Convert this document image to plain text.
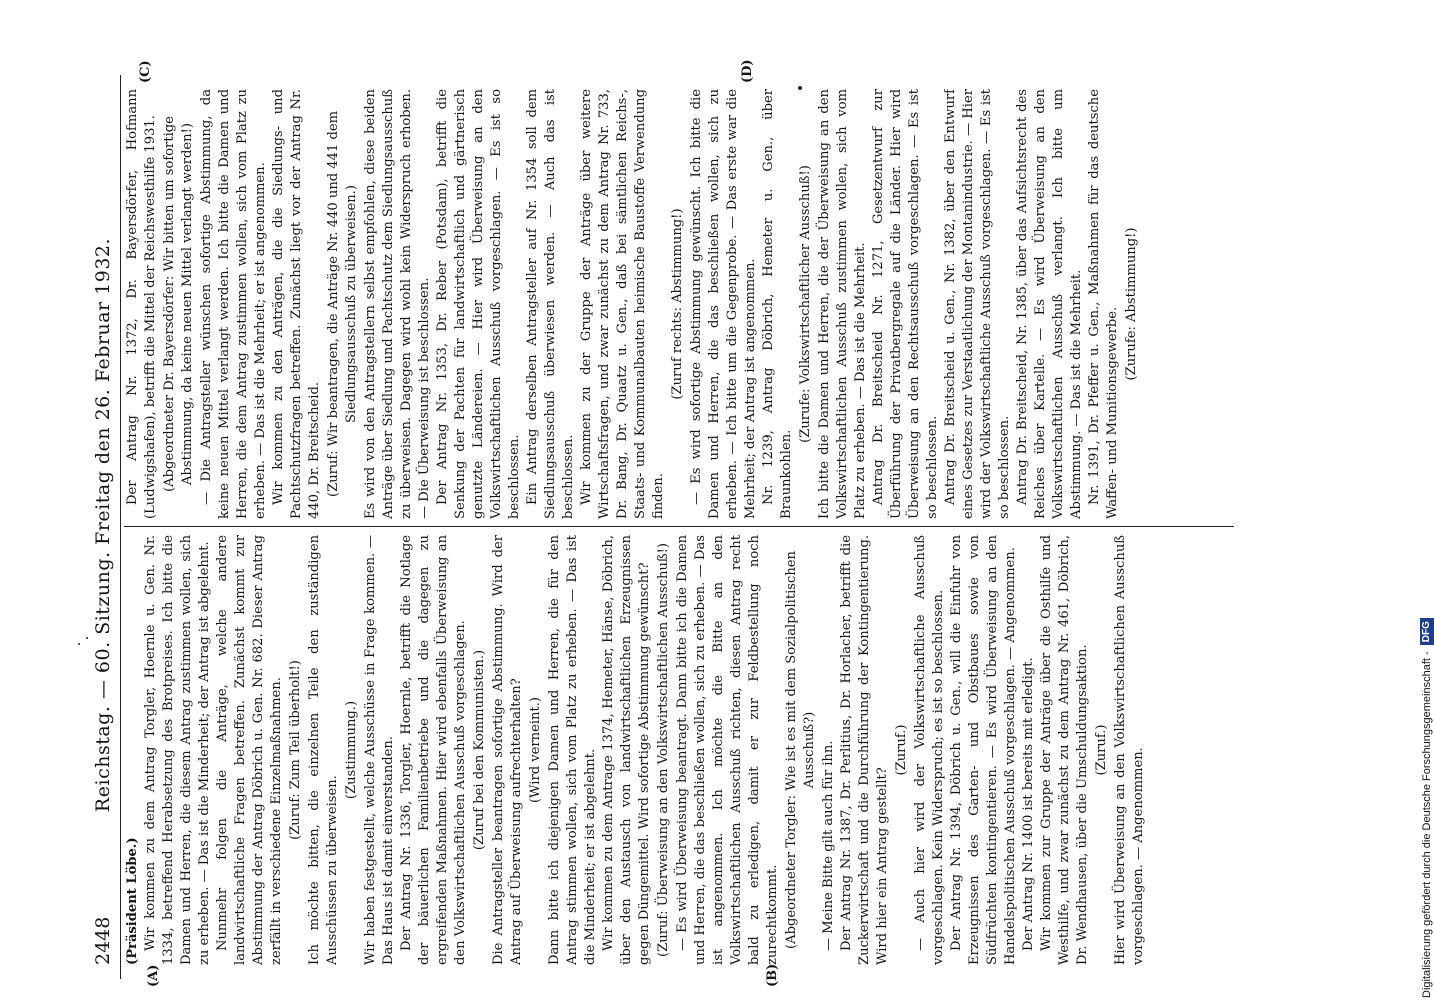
2448
Reichstag. — 60. Sitzung. Freitag den 26. Februar 1932.
(A)	(B)
(C)	(D)

(Präsident Löbe.) Wir kommen zu dem Antrag Torgler, Hoernle u. Gen. Nr. 1334, betreffend Herabsetzung des Brotpreises. Ich bitte die Damen und Herren, die diesem Antrag zustimmen wollen, sich zu erheben. — Das ist die Minderheit; der Antrag ist abgelehnt. Nunmehr folgen die Anträge, welche andere landwirtschaftliche Fragen betreffen. Zunächst kommt zur Abstimmung der Antrag Döbrich u. Gen. Nr. 682. Dieser Antrag zerfällt in verschiedene Einzelmaßnahmen. (Zuruf: Zum Teil überholt!) Ich möchte bitten, die einzelnen Teile den zuständigen Ausschüssen zu überweisen.

(Zustimmung.) Wir haben festgestellt, welche Ausschüsse in Frage kommen. — Das Haus ist damit einverstanden. Der Antrag Nr. 1336, Torgler, Hoernle, betrifft die Notlage der bäuerlichen Familienbetriebe und die dagegen zu ergreifenden Maßnahmen. Hier wird ebenfalls Überweisung an den Volkswirtschaftlichen Ausschuß vorgeschlagen. (Zuruf bei den Kommunisten.) Die Antragsteller beantragen sofortige Abstimmung. Wird der Antrag auf Überweisung aufrechterhalten? (Wird verneint.) Dann bitte ich diejenigen Damen und Herren, die für den Antrag stimmen wollen, sich vom Platz zu erheben. — Das ist die Minderheit; er ist abgelehnt. Wir kommen zu dem Antrage 1374, Hemeter, Hänse, Döbrich, über den Austausch von landwirtschaftlichen Erzeugnissen gegen Düngemittel. Wird sofortige Abstimmung gewünscht? (Zuruf: Überweisung an den Volkswirtschaftlichen Ausschuß!) — Es wird Überweisung beantragt. Dann bitte ich die Damen und Herren, die das beschließen wollen, sich zu erheben. — Das ist angenommen. Ich möchte die Bitte an den Volkswirtschaftlichen Ausschuß richten, diesen Antrag recht bald zu erledigen, damit er zur Feldbestellung noch zurechtkommt. (Abgeordneter Torgler: Wie ist es mit dem Sozialpolitischen Ausschuß?) — Meine Bitte gilt auch für ihn. Der Antrag Nr. 1387, Dr. Perlitius, Dr. Horlacher, betrifft die Zuckerwirtschaft und die Durchführung der Kontingentierung. Wird hier ein Antrag gestellt?

(Zuruf.) — Auch hier wird der Volkswirtschaftliche Ausschuß vorgeschlagen. Kein Widerspruch; es ist so beschlossen. Der Antrag Nr. 1394, Döbrich u. Gen., will die Einfuhr von Erzeugnissen des Garten- und Obstbaues sowie von Südfrüchten kontingentieren. — Es wird Überweisung an den Handelspolitischen Ausschuß vorgeschlagen. — Angenommen. Der Antrag Nr. 1400 ist bereits mit erledigt. Wir kommen zur Gruppe der Anträge über die Osthilfe und Westhilfe, und zwar zunächst zu dem Antrag Nr. 461, Döbrich, Dr. Wendhausen, über die Umschuldungsaktion. (Zuruf.) Hier wird Überweisung an den Volkswirtschaftlichen Ausschuß vorgeschlagen. — Angenommen.

Der Antrag Nr. 1372, Dr. Bayersdörfer, Hofmann (Ludwigshafen), betrifft die Mittel der Reichswesthilfe 1931. (Abgeordneter Dr. Bayersdörfer: Wir bitten um sofortige Abstimmung, da keine neuen Mittel verlangt werden!) — Die Antragsteller wünschen sofortige Abstimmung, da keine neuen Mittel verlangt werden. Ich bitte die Damen und Herren, die dem Antrag zustimmen wollen, sich vom Platz zu erheben. — Das ist die Mehrheit; er ist angenommen. Wir kommen zu den Anträgen, die die Siedlungs- und Pachtschutzfragen betreffen. Zunächst liegt vor der Antrag Nr. 440, Dr. Breitscheid. (Zuruf: Wir beantragen, die Anträge Nr. 440 und 441 dem Siedlungsausschuß zu überweisen.) Es wird von den Antragstellern selbst empfohlen, diese beiden Anträge über Siedlung und Pachtschutz dem Siedlungsausschuß zu überweisen. Dagegen wird wohl kein Widerspruch erhoben. — Die Überweisung ist beschlossen. Der Antrag Nr. 1353, Dr. Reber (Potsdam), betrifft die Senkung der Pachten für landwirtschaftlich und gärtnerisch genutzte Ländereien. — Hier wird Überweisung an den Volkswirtschaftlichen Ausschuß vorgeschlagen. — Es ist so beschlossen. Ein Antrag derselben Antragsteller auf Nr. 1354 soll dem Siedlungsausschuß überwiesen werden. — Auch das ist beschlossen. Wir kommen zu der Gruppe der Anträge über weitere Wirtschaftsfragen, und zwar zunächst zu dem Antrag Nr. 733, Dr. Bang, Dr. Quaatz u. Gen., daß bei sämtlichen Reichs-, Staats- und Kommunalbauten heimische Baustoffe Verwendung finden.

(Zuruf rechts: Abstimmung!) — Es wird sofortige Abstimmung gewünscht. Ich bitte die Damen und Herren, die das beschließen wollen, sich zu erheben. — Ich bitte um die Gegenprobe. — Das erste war die Mehrheit; der Antrag ist angenommen. Nr. 1239, Antrag Döbrich, Hemeter u. Gen., über Braunkohlen.

(Zurufe: Volkswirtschaftlicher Ausschuß!) Ich bitte die Damen und Herren, die der Überweisung an den Volkswirtschaftlichen Ausschuß zustimmen wollen, sich vom Platz zu erheben. — Das ist die Mehrheit. Antrag Dr. Breitscheid Nr. 1271, Gesetzentwurf zur Überführung der Privatbergregale auf die Länder. Hier wird Überweisung an den Rechtsausschuß vorgeschlagen. — Es ist so beschlossen. Antrag Dr. Breitscheid u. Gen., Nr. 1382, über den Entwurf eines Gesetzes zur Verstaatlichung der Montanindustrie. — Hier wird der Volkswirtschaftliche Ausschuß vorgeschlagen. — Es ist so beschlossen. Antrag Dr. Breitscheid, Nr. 1385, über das Aufsichtsrecht des Reiches über Kartelle. — Es wird Überweisung an den Volkswirtschaftlichen Ausschuß verlangt. Ich bitte um Abstimmung. — Das ist die Mehrheit. Nr. 1391, Dr. Pfeffer u. Gen., Maßnahmen für das deutsche Waffen- und Munitionsgewerbe.

(Zurufe: Abstimmung!)

Digitalisierung gefördert durch die Deutsche Forschungsgemeinschaft - DFG
